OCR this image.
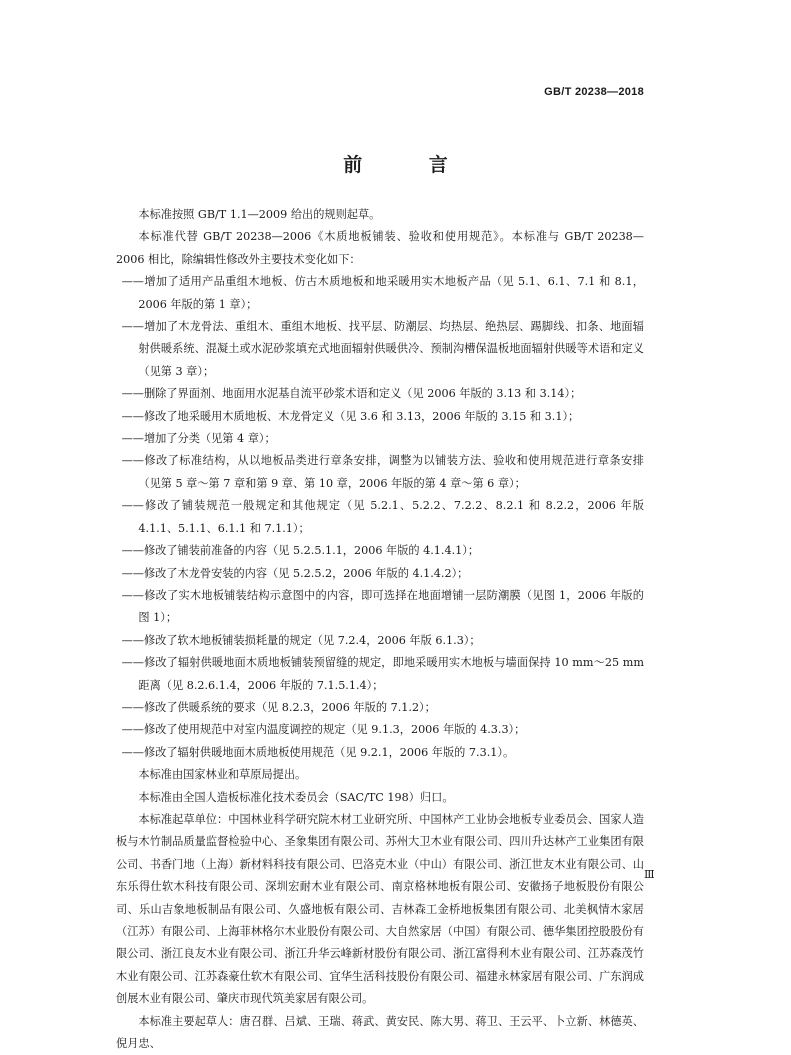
GB/T 20238—2018
前 言

本标准按照 GB/T 1.1—2009 给出的规则起草。

本标准代替 GB/T 20238—2006《木质地板铺装、验收和使用规范》。本标准与 GB/T 20238—2006 相比，除编辑性修改外主要技术变化如下：

——增加了适用产品重组木地板、仿古木质地板和地采暖用实木地板产品（见 5.1、6.1、7.1 和 8.1，2006 年版的第 1 章）；

——增加了木龙骨法、重组木、重组木地板、找平层、防潮层、均热层、绝热层、踢脚线、扣条、地面辐射供暖系统、混凝土或水泥砂浆填充式地面辐射供暖供冷、预制沟槽保温板地面辐射供暖等术语和定义（见第 3 章）；

——删除了界面剂、地面用水泥基自流平砂浆术语和定义（见 2006 年版的 3.13 和 3.14）；

——修改了地采暖用木质地板、木龙骨定义（见 3.6 和 3.13，2006 年版的 3.15 和 3.1）；

——增加了分类（见第 4 章）；

——修改了标准结构，从以地板品类进行章条安排，调整为以铺装方法、验收和使用规范进行章条安排（见第 5 章～第 7 章和第 9 章、第 10 章，2006 年版的第 4 章～第 6 章）；

——修改了铺装规范一般规定和其他规定（见 5.2.1、5.2.2、7.2.2、8.2.1 和 8.2.2，2006 年版 4.1.1、5.1.1、6.1.1 和 7.1.1）；

——修改了铺装前准备的内容（见 5.2.5.1.1，2006 年版的 4.1.4.1）；

——修改了木龙骨安装的内容（见 5.2.5.2，2006 年版的 4.1.4.2）；

——修改了实木地板铺装结构示意图中的内容，即可选择在地面增铺一层防潮膜（见图 1，2006 年版的图 1）；

——修改了软木地板铺装损耗量的规定（见 7.2.4，2006 年版 6.1.3）；

——修改了辐射供暖地面木质地板铺装预留缝的规定，即地采暖用实木地板与墙面保持 10 mm～25 mm 距离（见 8.2.6.1.4，2006 年版的 7.1.5.1.4）；

——修改了供暖系统的要求（见 8.2.3，2006 年版的 7.1.2）；

——修改了使用规范中对室内温度调控的规定（见 9.1.3，2006 年版的 4.3.3）；

——修改了辐射供暖地面木质地板使用规范（见 9.2.1，2006 年版的 7.3.1）。

本标准由国家林业和草原局提出。

本标准由全国人造板标准化技术委员会（SAC/TC 198）归口。

本标准起草单位：中国林业科学研究院木材工业研究所、中国林产工业协会地板专业委员会、国家人造板与木竹制品质量监督检验中心、圣象集团有限公司、苏州大卫木业有限公司、四川升达林产工业集团有限公司、书香门地（上海）新材料科技有限公司、巴洛克木业（中山）有限公司、浙江世友木业有限公司、山东乐得仕软木科技有限公司、深圳宏耐木业有限公司、南京格林地板有限公司、安徽扬子地板股份有限公司、乐山吉象地板制品有限公司、久盛地板有限公司、吉林森工金桥地板集团有限公司、北美枫情木家居（江苏）有限公司、上海菲林格尔木业股份有限公司、大自然家居（中国）有限公司、德华集团控股股份有限公司、浙江良友木业有限公司、浙江升华云峰新材股份有限公司、浙江富得利木业有限公司、江苏森茂竹木业有限公司、江苏森豪仕软木有限公司、宜华生活科技股份有限公司、福建永林家居有限公司、广东润成创展木业有限公司、肇庆市现代筑美家居有限公司。

本标准主要起草人：唐召群、吕斌、王瑞、蒋武、黄安民、陈大男、蒋卫、王云平、卜立新、林德英、倪月忠、

Ⅲ
